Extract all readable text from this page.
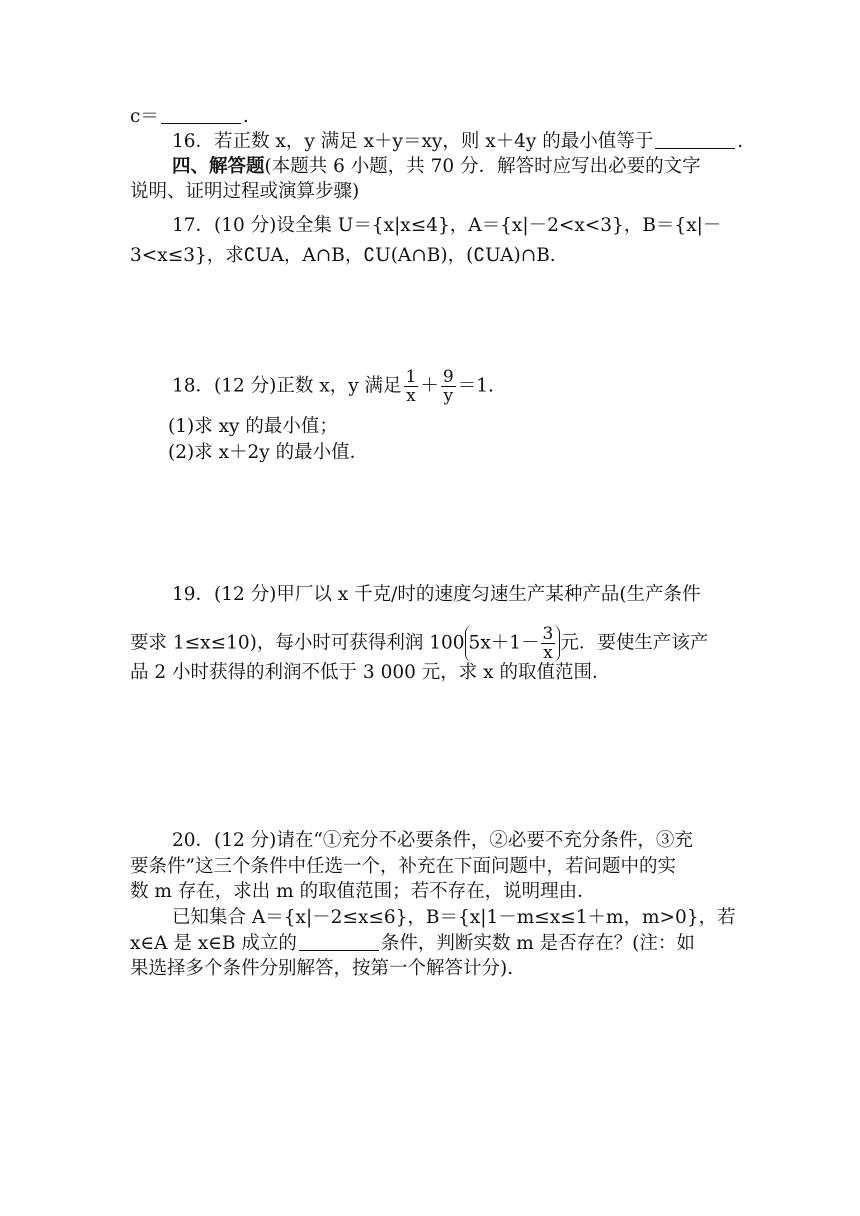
c＝	.
16．若正数 x，y 满足 x＋y＝xy，则 x＋4y 的最小值等于	.
四、解答题(本题共 6 小题，共 70 分．解答时应写出必要的文字
说明、证明过程或演算步骤)
17．(10 分)设全集 U＝{x|x≤4}，A＝{x|－2<x<3}，B＝{x|－
3<x≤3}，求∁UA，A∩B，∁U(A∩B)，(∁UA)∩B.
18．(12 分)正数 x，y 满足 $\frac{1}{x} + \frac{9}{y} =1$.
(1)求 xy 的最小值；
(2)求 x＋2y 的最小值．
19．(12 分)甲厂以 x 千克/时的速度匀速生产某种产品(生产条件
要求 1≤x≤10)，每小时可获得利润 100 $5x+1- \frac{3}{x}$ 元．要使生产该产
品 2 小时获得的利润不低于 3 000 元，求 x 的取值范围．
20．(12 分)请在“①充分不必要条件，②必要不充分条件，③充
要条件”这三个条件中任选一个，补充在下面问题中，若问题中的实
数 m 存在，求出 m 的取值范围；若不存在，说明理由．
已知集合 A＝{x|－2≤x≤6}，B＝{x|1－m≤x≤1＋m，m>0}，若
x∈A 是 x∈B 成立的	条件，判断实数 m 是否存在？(注：如
果选择多个条件分别解答，按第一个解答计分).
